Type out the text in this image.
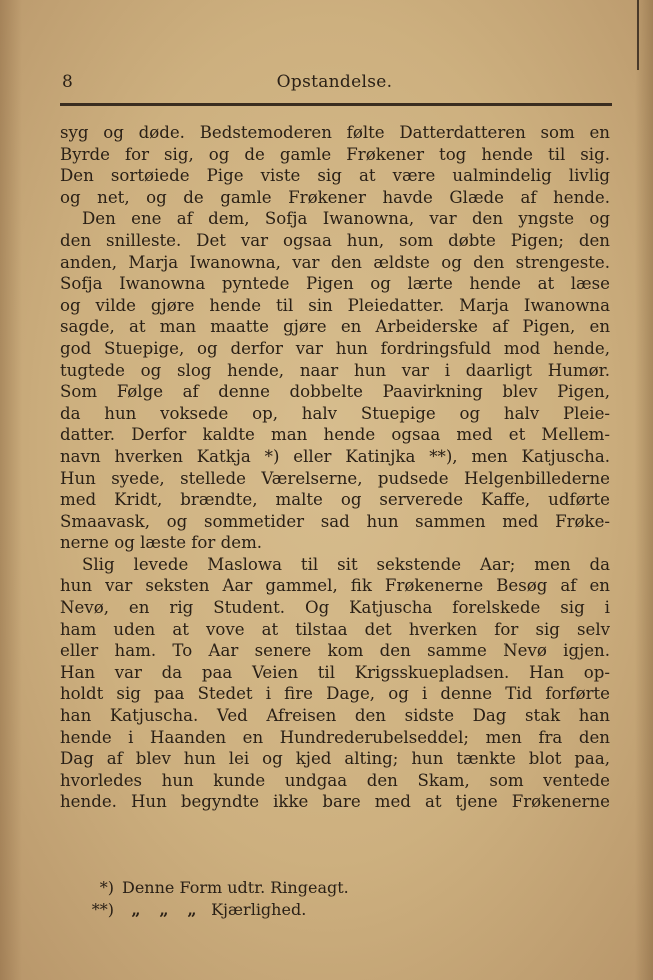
8	Opstandelse.
syg og døde. Bedstemoderen følte Datterdatteren som en
Byrde for sig, og de gamle Frøkener tog hende til sig.
Den sortøiede Pige viste sig at være ualmindelig livlig
og net, og de gamle Frøkener havde Glæde af hende.
Den ene af dem, Sofja Iwanowna, var den yngste og
den snilleste. Det var ogsaa hun, som døbte Pigen; den
anden, Marja Iwanowna, var den ældste og den strengeste.
Sofja Iwanowna pyntede Pigen og lærte hende at læse
og vilde gjøre hende til sin Pleiedatter. Marja Iwanowna
sagde, at man maatte gjøre en Arbeiderske af Pigen, en
god Stuepige, og derfor var hun fordringsfuld mod hende,
tugtede og slog hende, naar hun var i daarligt Humør.
Som Følge af denne dobbelte Paavirkning blev Pigen,
da hun voksede op, halv Stuepige og halv Pleie-
datter. Derfor kaldte man hende ogsaa med et Mellem-
navn hverken Katkja *) eller Katinjka **), men Katjuscha.
Hun syede, stellede Værelserne, pudsede Helgenbillederne
med Kridt, brændte, malte og serverede Kaffe, udførte
Smaavask, og sommetider sad hun sammen med Frøke-
nerne og læste for dem.
Slig levede Maslowa til sit sekstende Aar; men da
hun var seksten Aar gammel, fik Frøkenerne Besøg af en
Nevø, en rig Student. Og Katjuscha forelskede sig i
ham uden at vove at tilstaa det hverken for sig selv
eller ham. To Aar senere kom den samme Nevø igjen.
Han var da paa Veien til Krigsskuepladsen. Han op-
holdt sig paa Stedet i fire Dage, og i denne Tid forførte
han Katjuscha. Ved Afreisen den sidste Dag stak han
hende i Haanden en Hundrederubelseddel; men fra den
Dag af blev hun lei og kjed alting; hun tænkte blot paa,
hvorledes hun kunde undgaa den Skam, som ventede
hende. Hun begyndte ikke bare med at tjene Frøkenerne
*) Denne Form udtr. Ringeagt.
**) „ „ „ Kjærlighed.
